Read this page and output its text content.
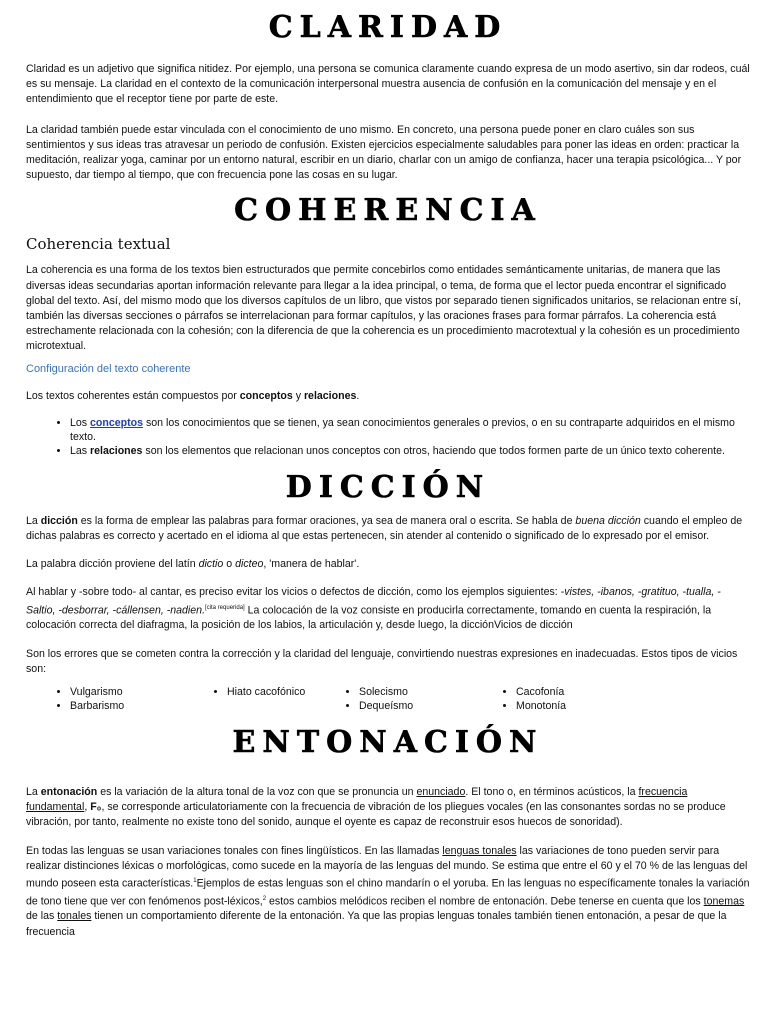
CLARIDAD

Claridad es un adjetivo que significa nitidez. Por ejemplo, una persona se comunica claramente cuando expresa de un modo asertivo, sin dar rodeos, cuál es su mensaje. La claridad en el contexto de la comunicación interpersonal muestra ausencia de confusión en la comunicación del mensaje y en el entendimiento que el receptor tiene por parte de este.

La claridad también puede estar vinculada con el conocimiento de uno mismo. En concreto, una persona puede poner en claro cuáles son sus sentimientos y sus ideas tras atravesar un periodo de confusión. Existen ejercicios especialmente saludables para poner las ideas en orden: practicar la meditación, realizar yoga, caminar por un entorno natural, escribir en un diario, charlar con un amigo de confianza, hacer una terapia psicológica... Y por supuesto, dar tiempo al tiempo, que con frecuencia pone las cosas en su lugar.

COHERENCIA
Coherencia textual

La coherencia es una forma de los textos bien estructurados que permite concebirlos como entidades semánticamente unitarias, de manera que las diversas ideas secundarias aportan información relevante para llegar a la idea principal, o tema, de forma que el lector pueda encontrar el significado global del texto. Así, del mismo modo que los diversos capítulos de un libro, que vistos por separado tienen significados unitarios, se relacionan entre sí, también las diversas secciones o párrafos se interrelacionan para formar capítulos, y las oraciones frases para formar párrafos. La coherencia está estrechamente relacionada con la cohesión; con la diferencia de que la coherencia es un procedimiento macrotextual y la cohesión es un procedimiento microtextual.

Configuración del texto coherente

Los textos coherentes están compuestos por conceptos y relaciones.

• Los conceptos son los conocimientos que se tienen, ya sean conocimientos generales o previos, o en su contraparte adquiridos en el mismo texto.
• Las relaciones son los elementos que relacionan unos conceptos con otros, haciendo que todos formen parte de un único texto coherente.
DICCIÓN

La dicción es la forma de emplear las palabras para formar oraciones, ya sea de manera oral o escrita. Se habla de buena dicción cuando el empleo de dichas palabras es correcto y acertado en el idioma al que estas pertenecen, sin atender al contenido o significado de lo expresado por el emisor.

La palabra dicción proviene del latín dictio o dicteo, 'manera de hablar'.

Al hablar y -sobre todo- al cantar, es preciso evitar los vicios o defectos de dicción, como los ejemplos siguientes: -vistes, -ibanos, -gratituo, -tualla, -Saltio, -desborrar, -cállensen, -nadien.[cita requerida] La colocación de la voz consiste en producirla correctamente, tomando en cuenta la respiración, la colocación correcta del diafragma, la posición de los labios, la articulación y, desde luego, la dicciónVicios de dicción

Son los errores que se cometen contra la corrección y la claridad del lenguaje, convirtiendo nuestras expresiones en inadecuadas. Estos tipos de vicios son:

• Vulgarismo
• Barbarismo
• Hiato cacofónico
•	Solecismo
• Dequeísmo
• Cacofonía
• Monotonía
ENTONACIÓN

La entonación es la variación de la altura tonal de la voz con que se pronuncia un enunciado. El tono o, en términos acústicos, la frecuencia fundamental, F₀, se corresponde articulatoriamente con la frecuencia de vibración de los pliegues vocales (en las consonantes sordas no se produce vibración, por tanto, realmente no existe tono del sonido, aunque el oyente es capaz de reconstruir esos huecos de sonoridad).

En todas las lenguas se usan variaciones tonales con fines lingüísticos. En las llamadas lenguas tonales las variaciones de tono pueden servir para realizar distinciones léxicas o morfológicas, como sucede en la mayoría de las lenguas del mundo. Se estima que entre el 60 y el 70 % de las lenguas del mundo poseen esta características.$^1$Ejemplos de estas lenguas son el chino mandarín o el yoruba. En las lenguas no específicamente tonales la variación de tono tiene que ver con fenómenos post-léxicos,$^2$ estos cambios melódicos reciben el nombre de entonación. Debe tenerse en cuenta que los tonemas de las tonales tienen un comportamiento diferente de la entonación. Ya que las propias lenguas tonales también tienen entonación, a pesar de que la frecuencia
